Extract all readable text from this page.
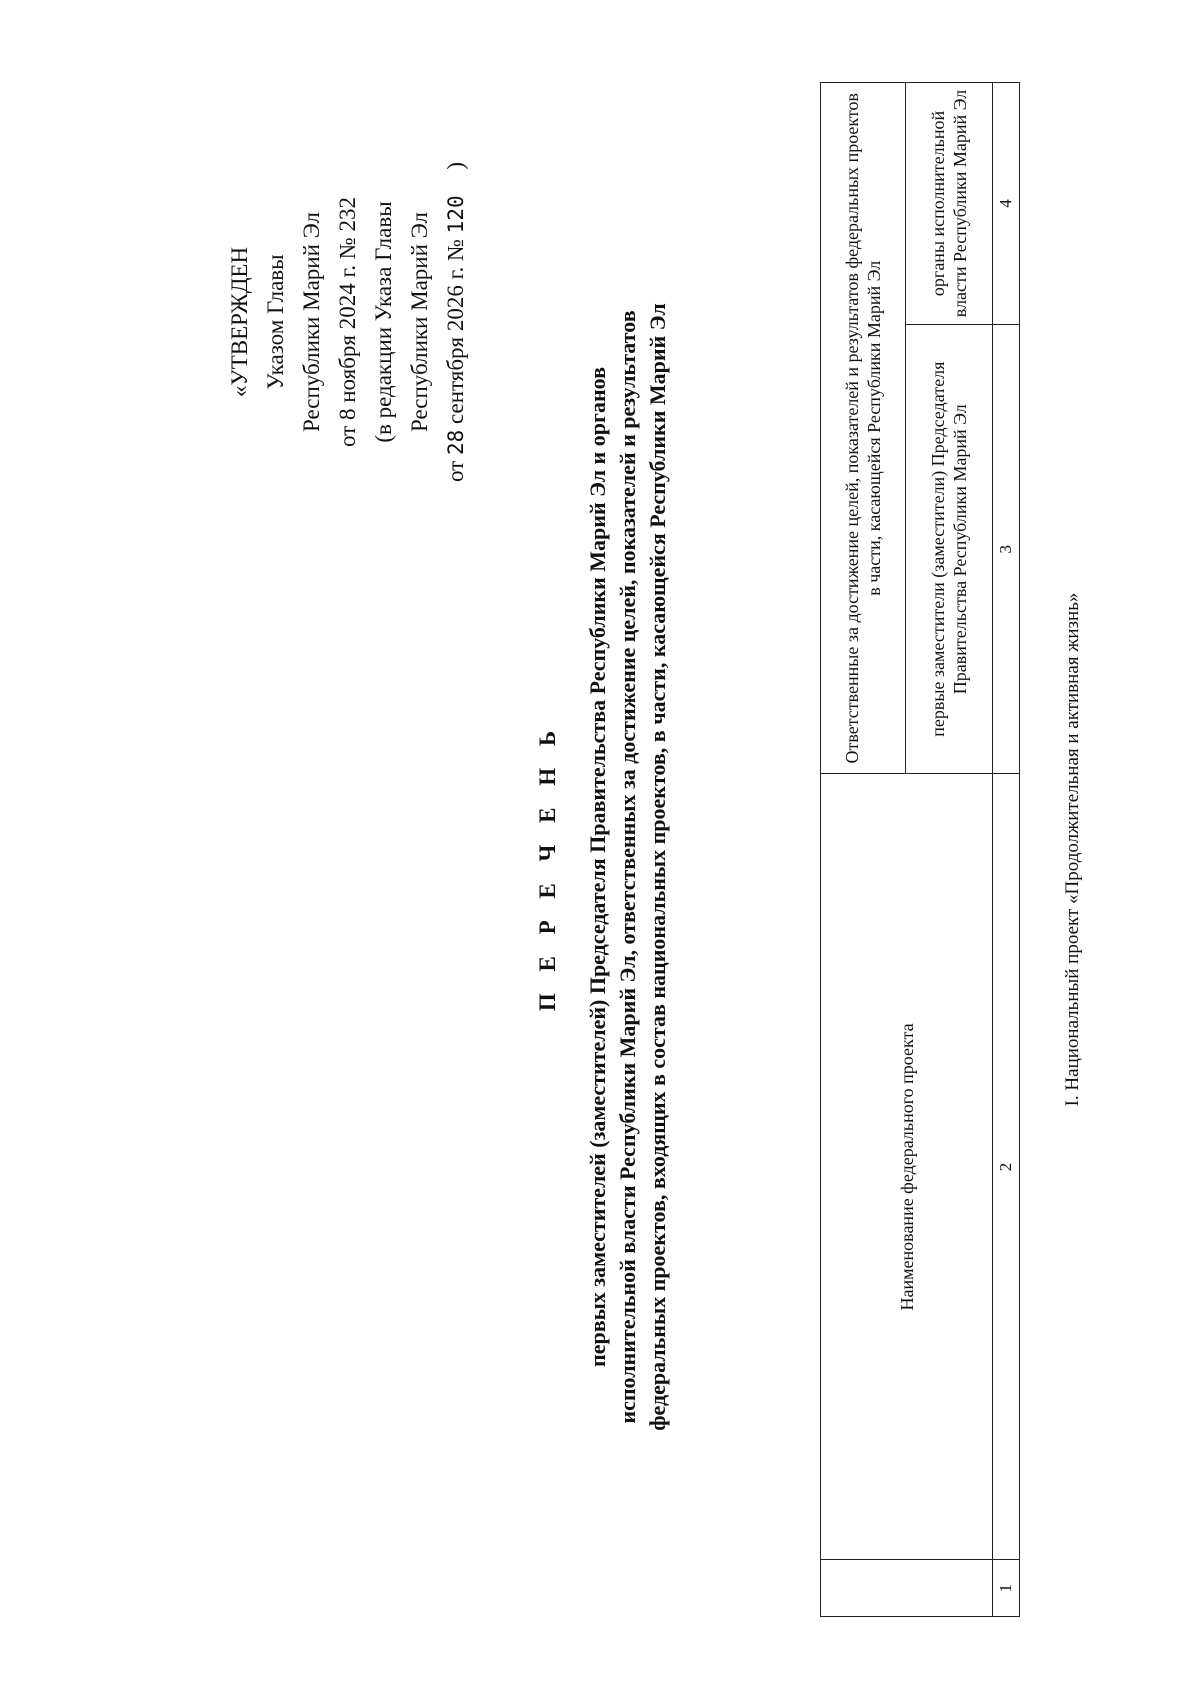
«УТВЕРЖДЕН Указом Главы Республики Марий Эл от 8 ноября 2024 г. № 232 (в редакции Указа Главы Республики Марий Эл
от 28 сентября 2026 г. № 120 )
П Е Р Е Ч Е Н Ь первых заместителей (заместителей) Председателя Правительства Республики Марий Эл и органов исполнительной власти Республики Марий Эл, ответственных за достижение целей, показателей и результатов федеральных проектов, входящих в состав национальных проектов, в части, касающейся Республики Марий Эл
		Наименование федерального проекта	Ответственные за достижение целей, показателей и результатов федеральных проектов в части, касающейся Республики Марий Эл	
		первые заместители (заместители) Председателя Правительства Республики Марий Эл	органы исполнительной власти Республики Марий Эл
1	2	3	4
I. Национальный проект «Продолжительная и активная жизнь»
